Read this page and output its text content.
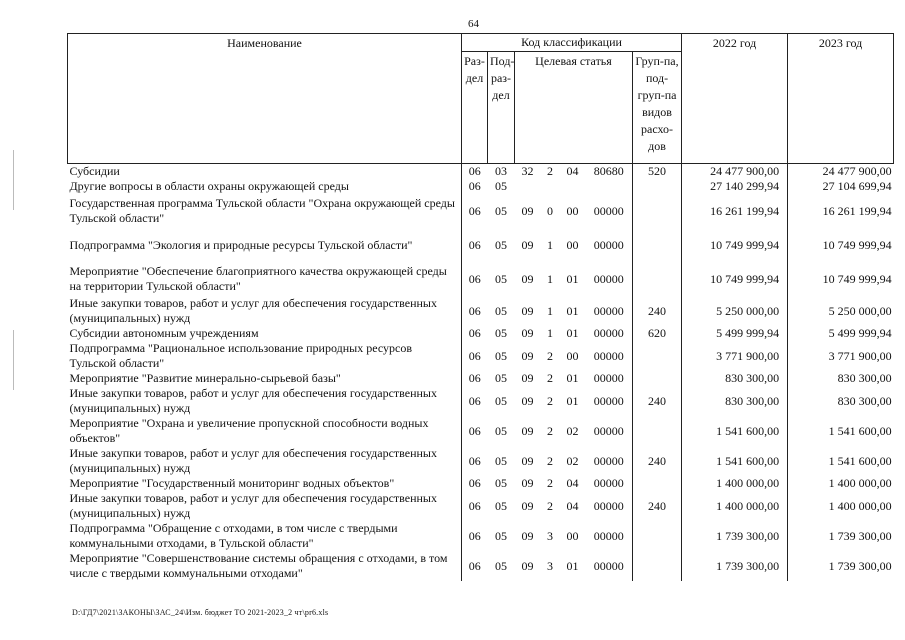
64
Наименование	Код классификации							2022 год	2023 год
	Раз-дел	Под-раз-дел	Целевая статья				Груп-па, под-груп-па видов расхо-дов		
Субсидии	06	03	32	2	04	80680	520	24 477 900,00	24 477 900,00
Другие вопросы в области охраны окружающей среды	06	05						27 140 299,94	27 104 699,94
Государственная программа Тульской области "Охрана окружающей среды Тульской области"	06	05	09	0	00	00000		16 261 199,94	16 261 199,94
Подпрограмма "Экология и природные ресурсы Тульской области"	06	05	09	1	00	00000		10 749 999,94	10 749 999,94
Мероприятие "Обеспечение благоприятного качества окружающей среды на территории Тульской области"	06	05	09	1	01	00000		10 749 999,94	10 749 999,94
Иные закупки товаров, работ и услуг для обеспечения государственных (муниципальных) нужд	06	05	09	1	01	00000	240	5 250 000,00	5 250 000,00
Субсидии автономным учреждениям	06	05	09	1	01	00000	620	5 499 999,94	5 499 999,94
Подпрограмма "Рациональное использование природных ресурсов Тульской области"	06	05	09	2	00	00000		3 771 900,00	3 771 900,00
Мероприятие "Развитие минерально-сырьевой базы"	06	05	09	2	01	00000		830 300,00	830 300,00
Иные закупки товаров, работ и услуг для обеспечения государственных (муниципальных) нужд	06	05	09	2	01	00000	240	830 300,00	830 300,00
Мероприятие "Охрана и увеличение пропускной способности водных объектов"	06	05	09	2	02	00000		1 541 600,00	1 541 600,00
Иные закупки товаров, работ и услуг для обеспечения государственных (муниципальных) нужд	06	05	09	2	02	00000	240	1 541 600,00	1 541 600,00
Мероприятие "Государственный мониторинг водных объектов"	06	05	09	2	04	00000		1 400 000,00	1 400 000,00
Иные закупки товаров, работ и услуг для обеспечения государственных (муниципальных) нужд	06	05	09	2	04	00000	240	1 400 000,00	1 400 000,00
Подпрограмма "Обращение с отходами, в том числе с твердыми коммунальными отходами, в Тульской области"	06	05	09	3	00	00000		1 739 300,00	1 739 300,00
Мероприятие "Совершенствование системы обращения с отходами, в том числе с твердыми коммунальными отходами"	06	05	09	3	01	00000		1 739 300,00	1 739 300,00
D:\ГД7\2021\ЗАКОНЫ\ЗАС_24\Изм. бюджет ТО 2021-2023_2 чт\pr6.xls
